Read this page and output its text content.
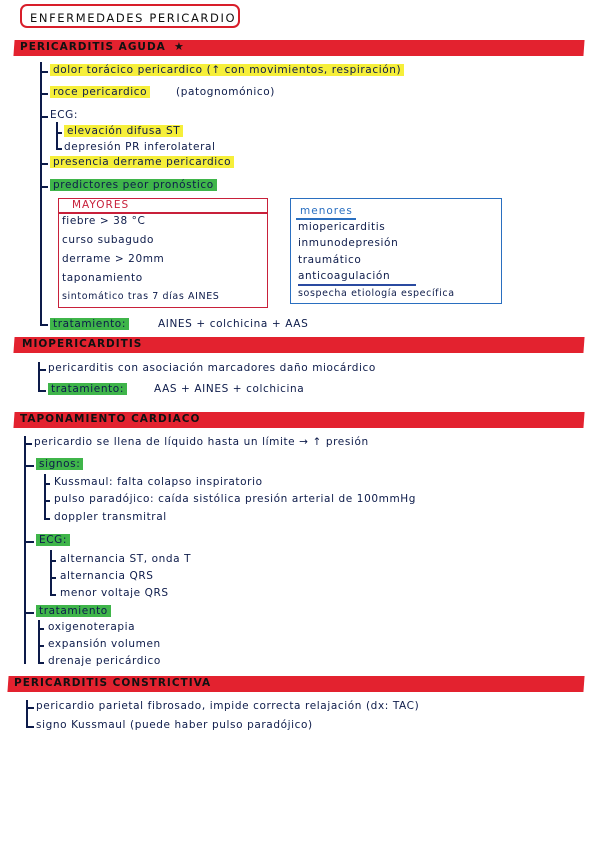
ENFERMEDADES PERICARDIO
PERICARDITIS AGUDA ★
dolor torácico pericardico (↑ con movimientos, respiración)
roce pericardico	(patognomónico)
ECG:
elevación difusa ST
depresión PR inferolateral
presencia derrame pericardico
predictores peor pronóstico
MAYORES
fiebre > 38 °C
curso subagudo
derrame > 20mm
taponamiento
sintomático tras 7 días AINES
menores
miopericarditis
inmunodepresión
traumático
anticoagulación
sospecha etiología específica
tratamiento:	AINES + colchicina + AAS
MIOPERICARDITIS
pericarditis con asociación marcadores daño miocárdico
tratamiento:	AAS + AINES + colchicina
TAPONAMIENTO CARDIACO
pericardio se llena de líquido hasta un límite → ↑ presión
signos:
Kussmaul: falta colapso inspiratorio
pulso paradójico: caída sistólica presión arterial de 100mmHg
doppler transmitral
ECG:
alternancia ST, onda T
alternancia QRS
menor voltaje QRS
tratamiento
oxigenoterapia
expansión volumen
drenaje pericárdico
PERICARDITIS CONSTRICTIVA
pericardio parietal fibrosado, impide correcta relajación (dx: TAC)
signo Kussmaul (puede haber pulso paradójico)
